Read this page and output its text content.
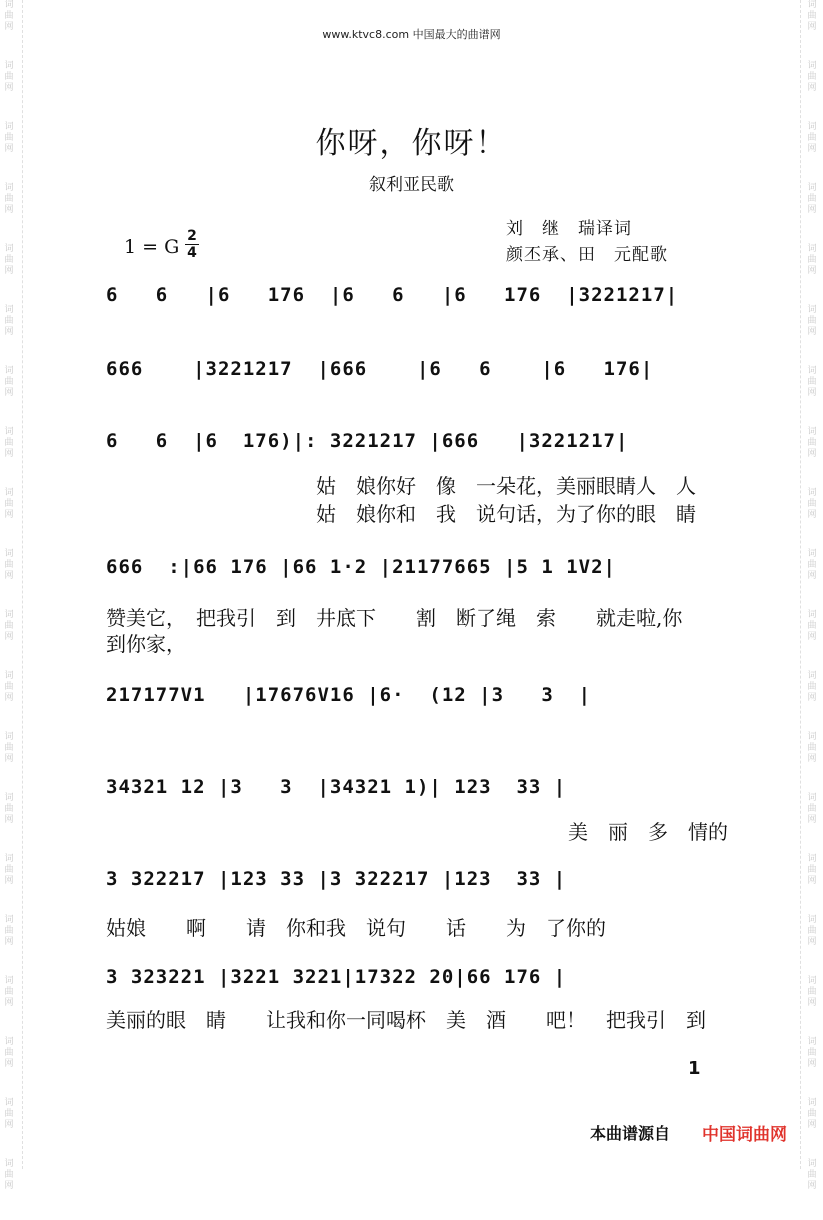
词
曲
网
词
曲
网
词
曲
网
词
曲
网
词
曲
网
词
曲
网
词
曲
网
词
曲
网
词
曲
网
词
曲
网
词
曲
网
词
曲
网
词
曲
网
词
曲
网
词
曲
网
词
曲
网
词
曲
网
词
曲
网
词
曲
网
词
曲
网
词
曲
网
词
曲
网
词
曲
网
词
曲
网
词
曲
网
词
曲
网
词
曲
网
词
曲
网
词
曲
网
词
曲
网
词
曲
网
词
曲
网
词
曲
网
词
曲
网
词
曲
网
词
曲
网
词
曲
网
词
曲
网
词
曲
网
词
曲
网
www.ktvc8.com 中国最大的曲谱网
你呀，你呀！
叙利亚民歌
刘　继　瑞译词
颜丕承、田　元配歌
1 = G 2
4
6   6   |6   176  |6   6   |6   176  |3221217|
666    |3221217  |666    |6   6    |6   176|
6   6  |6  176)|: 3221217 |666   |3221217|
姑　娘你好　像　一朵花，美丽眼睛人　人
姑　娘你和　我　说句话，为了你的眼　睛
666  :|66 176 |66 1·2 |21177665 |5 1 1V2|
赞美它，　把我引　到　井底下　　割　断了绳　索　　就走啦,你
到你家，
217177V1   |17676V16 |6·  (12 |3   3  |
34321 12 |3   3  |34321 1)| 123  33 |
美　丽　多　情的
3 322217 |123 33 |3 322217 |123  33 |
姑娘　　啊　　请　你和我　说句　　话　　为　了你的
3 323221 |3221 3221|17322 20|66 176 |
美丽的眼　睛　　让我和你一同喝杯　美　酒　　吧！　把我引　到
1
本曲谱源自 中国词曲网
